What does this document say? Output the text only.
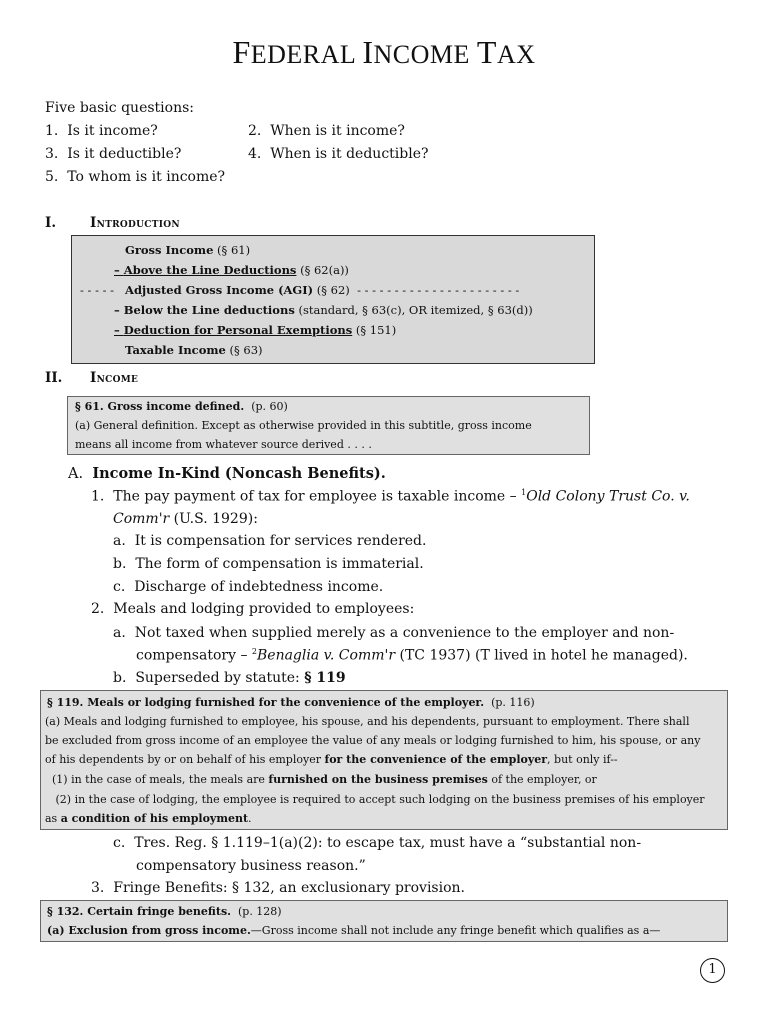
FEDERAL INCOME TAX
Five basic questions:
1. Is it income?	2. When is it income?
3. Is it deductible?	4. When is it deductible?
5. To whom is it income?
I.	Introduction
Gross Income (§ 61)
– Above the Line Deductions (§ 62(a))
- - - - - Adjusted Gross Income (AGI) (§ 62) - - - - - - - - - - - - - - - - - - - - - -
– Below the Line deductions (standard, § 63(c), OR itemized, § 63(d))
– Deduction for Personal Exemptions (§ 151)
Taxable Income (§ 63)
II. Income
§ 61. Gross income defined. (p. 60)
(a) General definition. Except as otherwise provided in this subtitle, gross income
means all income from whatever source derived . . . .
A. Income In-Kind (Noncash Benefits).
1. The pay payment of tax for employee is taxable income – $^1$Old Colony Trust Co. v.
Comm'r (U.S. 1929):
a. It is compensation for services rendered.
b. The form of compensation is immaterial.
c. Discharge of indebtedness income.
2. Meals and lodging provided to employees:
a. Not taxed when supplied merely as a convenience to the employer and non-
compensatory – $^2$Benaglia v. Comm'r (TC 1937) (T lived in hotel he managed).
b. Superseded by statute: § 119
§ 119. Meals or lodging furnished for the convenience of the employer. (p. 116)
(a) Meals and lodging furnished to employee, his spouse, and his dependents, pursuant to employment. There shall
be excluded from gross income of an employee the value of any meals or lodging furnished to him, his spouse, or any
of his dependents by or on behalf of his employer for the convenience of the employer, but only if--
(1) in the case of meals, the meals are furnished on the business premises of the employer, or
(2) in the case of lodging, the employee is required to accept such lodging on the business premises of his employer
as a condition of his employment.
c. Tres. Reg. § 1.119–1(a)(2): to escape tax, must have a “substantial non-
compensatory business reason.”
3. Fringe Benefits: § 132, an exclusionary provision.
§ 132. Certain fringe benefits. (p. 128)
(a) Exclusion from gross income.—Gross income shall not include any fringe benefit which qualifies as a—
1
